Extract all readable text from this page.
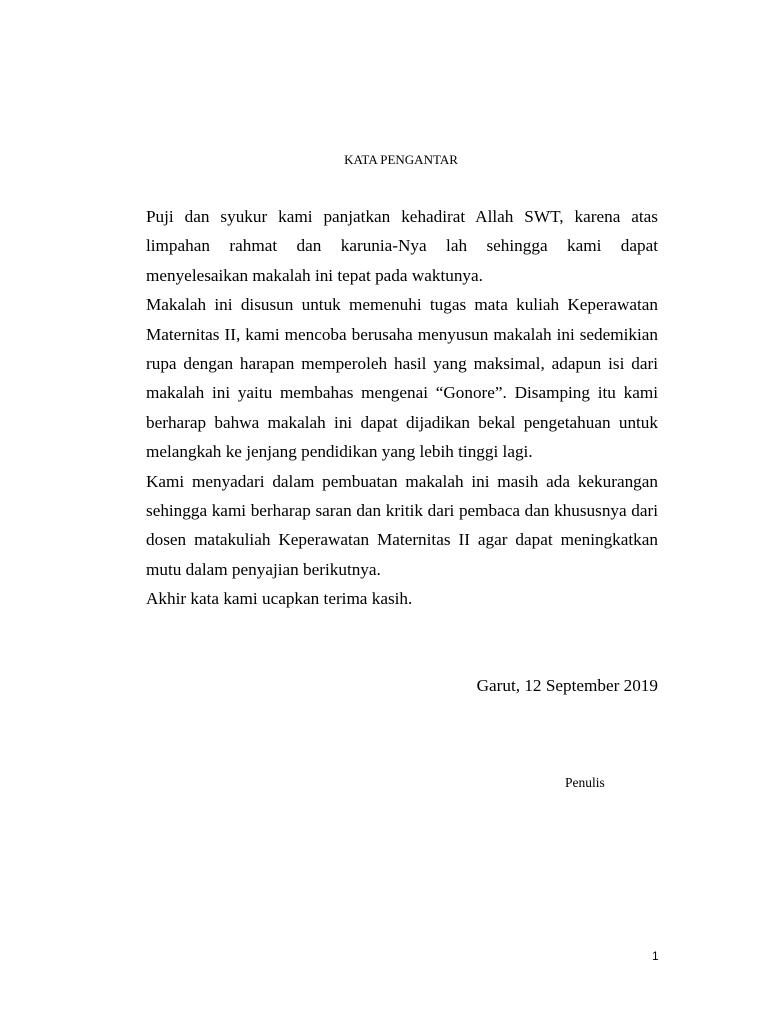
KATA PENGANTAR

Puji dan syukur kami panjatkan kehadirat Allah SWT, karena atas limpahan rahmat dan karunia-Nya lah sehingga kami dapat menyelesaikan makalah ini tepat pada waktunya.

Makalah ini disusun untuk memenuhi tugas mata kuliah Keperawatan Maternitas II, kami mencoba berusaha menyusun makalah ini sedemikian rupa dengan harapan memperoleh hasil yang maksimal, adapun isi dari makalah ini yaitu membahas mengenai “Gonore”. Disamping itu kami berharap bahwa makalah ini dapat dijadikan bekal pengetahuan untuk melangkah ke jenjang pendidikan yang lebih tinggi lagi.

Kami menyadari dalam pembuatan makalah ini masih ada kekurangan sehingga kami berharap saran dan kritik dari pembaca dan khususnya dari dosen matakuliah Keperawatan Maternitas II agar dapat meningkatkan mutu dalam penyajian berikutnya.

Akhir kata kami ucapkan terima kasih.

Garut, 12 September 2019
Penulis
1
